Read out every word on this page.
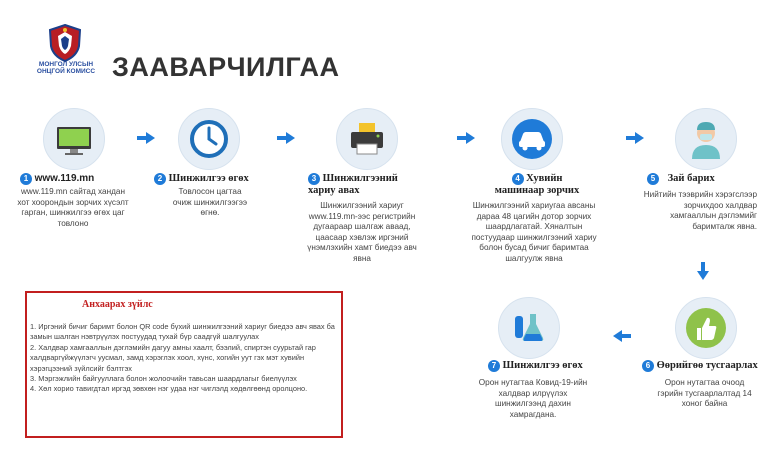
МОНГОЛ УЛСЫН
ОНЦГОЙ КОМИСС ЗААВАРЧИЛГАА
1 www.119.mn
www.119.mn сайтад хандан хот хоорондын зорчих хүсэлт гарган, шинжилгээ өгөх цаг товлоно
2 Шинжилгээ өгөх
Товлосон цагтаа очиж шинжилгээгээ өгнө.
3 Шинжилгээний хариу авах
Шинжилгээний хариуг www.119.mn-ээс регистрийн дугаараар шалгаж аваад, цаасаар хэвлэж иргэний үнэмлэхийн хамт биедээ авч явна
4 Хувийн машинаар зорчих
Шинжилгээний хариугаа авсаны дараа 48 цагийн дотор зорчих шаардлагатай. Хяналтын постуудаар шинжилгээний хариу болон бусад бичиг баримтаа шалгуулж явна
5 Зай барих
Нийтийн тээврийн хэрэгслээр зорчихдоо халдвар хамгааллын дэглэмийг баримталж явна.
6 Өөрийгөө тусгаарлах
Орон нутагтаа очоод гэрийн тусгаарлалтад 14 хоног байна
7 Шинжилгээ өгөх
Орон нутагтаа Ковид-19-ийн халдвар илрүүлэх шинжилгээнд дахин хамрагдана.
Анхаарах зүйлс

1. Иргэний бичиг баримт болон QR code бүхий шинжилгээний хариуг биедээ авч явах ба замын шалган нэвтрүүлэх постуудад тухай бүр саадгүй шалгуулах

2. Халдвар хамгааллын дэглэмийн дагуу амны хаалт, бээлий, спиртэн суурьтай гар халдваргүйжүүлэгч уусмал, замд хэрэглэх хоол, хүнс, хогийн уут гэх мэт хувийн хэрэгцээний зүйлсийг бэлтгэх

3. Мэргэжлийн байгууллага болон жолоочийн тавьсан шаардлагыг биелүүлэх

4. Хөл хорио тавигдтал иргэд зөвхөн нэг удаа нэг чиглэлд хөдөлгөөнд оролцоно.
